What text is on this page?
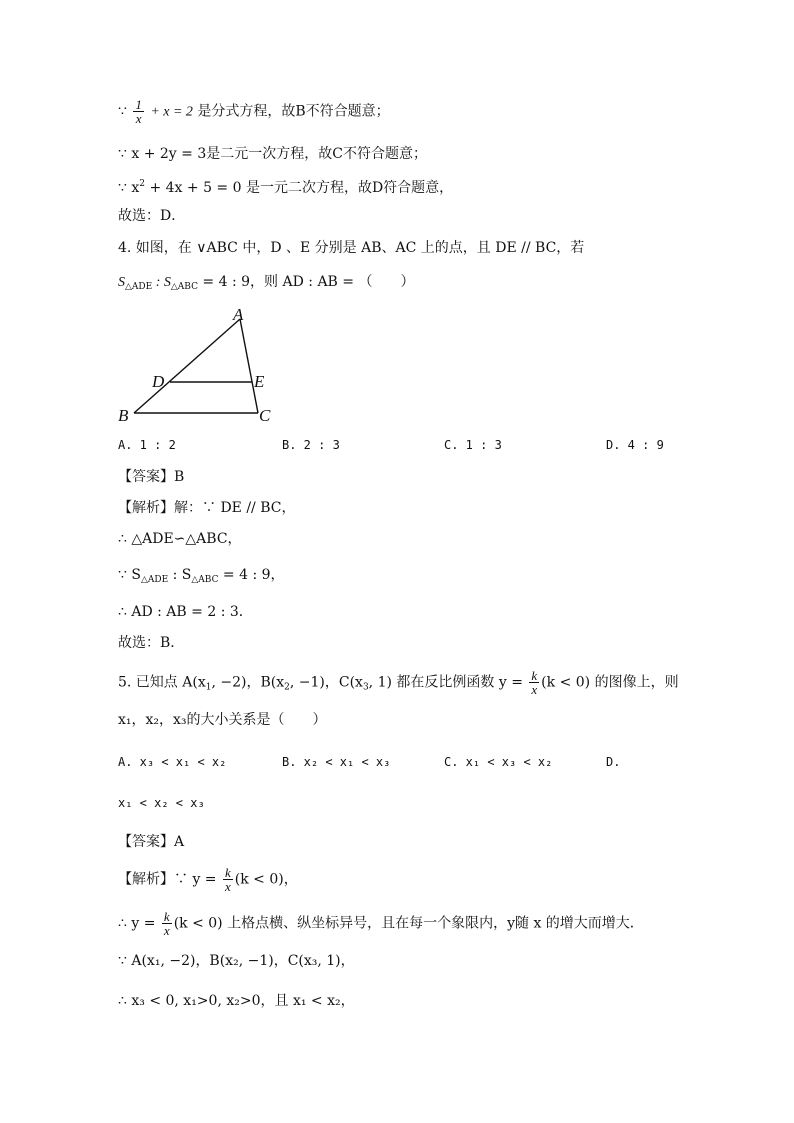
∵ $\frac{1}{x} + x = 2$ 是分式方程，故B不符合题意；
∵ x + 2y = 3是二元一次方程，故C不符合题意；
∵ $x^2 + 4x + 5 = 0$ 是一元二次方程，故D符合题意，
故选：D．
4. 如图，在 ∨ABC 中，D 、E 分别是 AB、AC 上的点，且 DE // BC，若
$S_{\triangle ADE}$ : $S_{\triangle ABC} = 4$ : 9，则 AD : AB = （　　）
A
B	C
D	E
A. 1 : 2	B. 2 : 3	C. 1 : 3	D. 4 : 9
【答案】B
【解析】解：∵ DE // BC，
∴ △ADE∽△ABC，
∵ $S_{\triangle ADE}$ : $S_{\triangle ABC} = 4$ : 9，
∴ AD : AB = 2 : 3．
故选：B．
5. 已知点 $A(x_1$, −2)，$B(x_2$, −1)，$C(x_3$, 1) 都在反比例函数 $y = \frac{k}{x} (k < 0)$ 的图像上，则
x₁，x₂，x₃的大小关系是（　　）
A. x₃ < x₁ < x₂	B. x₂ < x₁ < x₃	C. x₁ < x₃ < x₂	D.
x₁ < x₂ < x₃
【答案】A
【解析】∵ $y = \frac{k}{x} (k < 0)$，
∴ $y = \frac{k}{x} (k < 0)$ 上格点横、纵坐标异号，且在每一个象限内，y随 x 的增大而增大．
∵ A(x₁, −2)，B(x₂, −1)，C(x₃, 1)，
∴ x₃ < 0, x₁>0, x₂>0，且 x₁ < x₂，
